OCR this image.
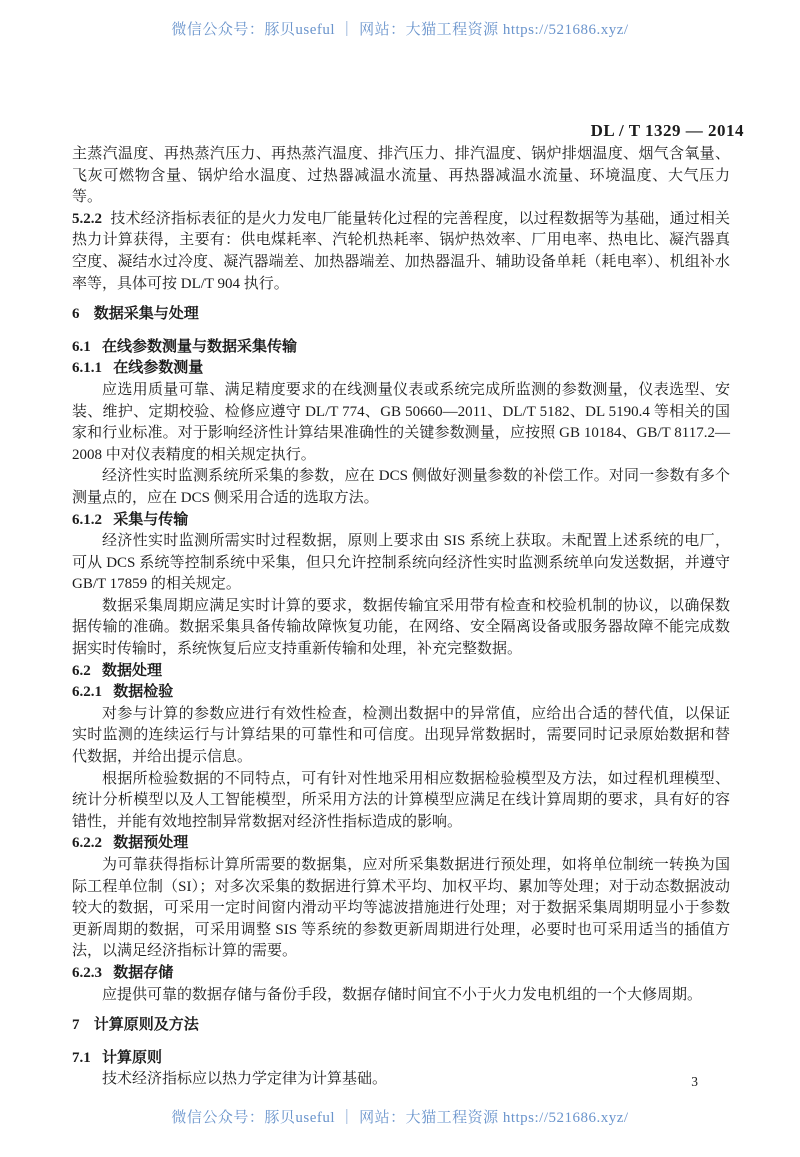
微信公众号：豚贝useful ｜ 网站：大猫工程资源 https://521686.xyz/
DL / T 1329 — 2014
主蒸汽温度、再热蒸汽压力、再热蒸汽温度、排汽压力、排汽温度、锅炉排烟温度、烟气含氧量、飞灰可燃物含量、锅炉给水温度、过热器减温水流量、再热器减温水流量、环境温度、大气压力等。
5.2.2 技术经济指标表征的是火力发电厂能量转化过程的完善程度，以过程数据等为基础，通过相关热力计算获得，主要有：供电煤耗率、汽轮机热耗率、锅炉热效率、厂用电率、热电比、凝汽器真空度、凝结水过冷度、凝汽器端差、加热器端差、加热器温升、辅助设备单耗（耗电率）、机组补水率等，具体可按 DL/T 904 执行。
6 数据采集与处理
6.1 在线参数测量与数据采集传输
6.1.1 在线参数测量
应选用质量可靠、满足精度要求的在线测量仪表或系统完成所监测的参数测量，仪表选型、安装、维护、定期校验、检修应遵守 DL/T 774、GB 50660—2011、DL/T 5182、DL 5190.4 等相关的国家和行业标准。对于影响经济性计算结果准确性的关键参数测量，应按照 GB 10184、GB/T 8117.2—2008 中对仪表精度的相关规定执行。
经济性实时监测系统所采集的参数，应在 DCS 侧做好测量参数的补偿工作。对同一参数有多个测量点的，应在 DCS 侧采用合适的选取方法。
6.1.2 采集与传输
经济性实时监测所需实时过程数据，原则上要求由 SIS 系统上获取。未配置上述系统的电厂，可从 DCS 系统等控制系统中采集，但只允许控制系统向经济性实时监测系统单向发送数据，并遵守 GB/T 17859 的相关规定。
数据采集周期应满足实时计算的要求，数据传输宜采用带有检查和校验机制的协议，以确保数据传输的准确。数据采集具备传输故障恢复功能，在网络、安全隔离设备或服务器故障不能完成数据实时传输时，系统恢复后应支持重新传输和处理，补充完整数据。
6.2 数据处理
6.2.1 数据检验
对参与计算的参数应进行有效性检查，检测出数据中的异常值，应给出合适的替代值，以保证实时监测的连续运行与计算结果的可靠性和可信度。出现异常数据时，需要同时记录原始数据和替代数据，并给出提示信息。
根据所检验数据的不同特点，可有针对性地采用相应数据检验模型及方法，如过程机理模型、统计分析模型以及人工智能模型，所采用方法的计算模型应满足在线计算周期的要求，具有好的容错性，并能有效地控制异常数据对经济性指标造成的影响。
6.2.2 数据预处理
为可靠获得指标计算所需要的数据集，应对所采集数据进行预处理，如将单位制统一转换为国际工程单位制（SI）；对多次采集的数据进行算术平均、加权平均、累加等处理；对于动态数据波动较大的数据，可采用一定时间窗内滑动平均等滤波措施进行处理；对于数据采集周期明显小于参数更新周期的数据，可采用调整 SIS 等系统的参数更新周期进行处理，必要时也可采用适当的插值方法，以满足经济指标计算的需要。
6.2.3 数据存储
应提供可靠的数据存储与备份手段，数据存储时间宜不小于火力发电机组的一个大修周期。
7 计算原则及方法
7.1 计算原则
技术经济指标应以热力学定律为计算基础。	3
微信公众号：豚贝useful ｜ 网站：大猫工程资源 https://521686.xyz/
